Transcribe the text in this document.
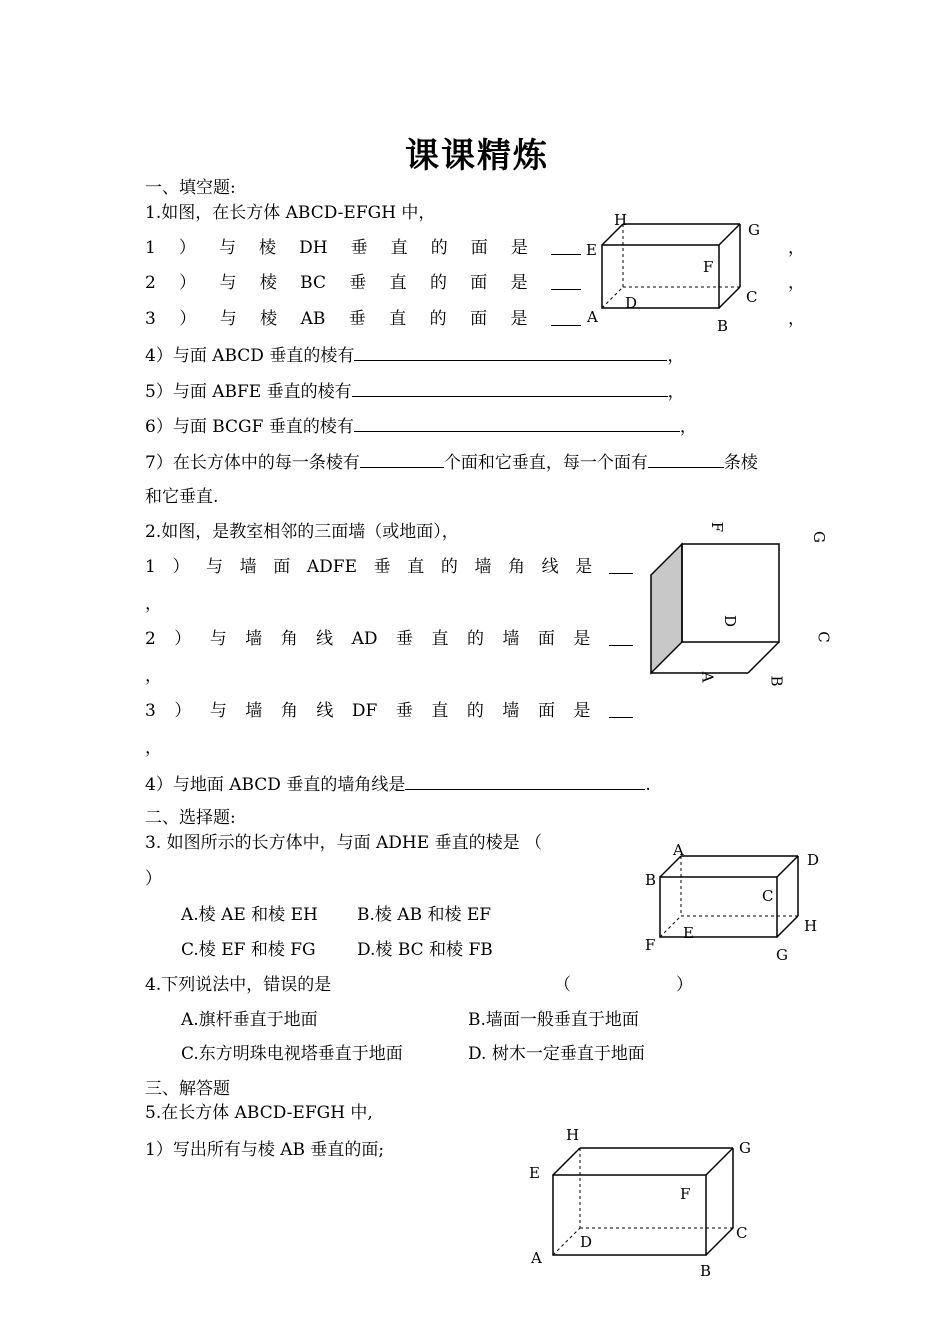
课课精炼
一、填空题:
1.如图，在长方体 ABCD-EFGH 中，
1 ） 与 棱 DH 垂 直 的 面 是	，
2 ） 与 棱 BC 垂 直 的 面 是	，
3 ） 与 棱 AB 垂 直 的 面 是	，
H
G
E
F
D	C
A	B
4）与面 ABCD 垂直的棱有	，
5）与面 ABFE 垂直的棱有	，
6）与面 BCGF 垂直的棱有	，
7）在长方体中的每一条棱有	个面和它垂直，每一个面有	条棱
和它垂直.
2.如图，是教室相邻的三面墙（或地面），
1 ） 与 墙 面 ADFE 垂 直 的 墙 角 线 是
，
2 ） 与 墙 角 线 AD 垂 直 的 墙 面 是
，
3 ） 与 墙 角 线 DF 垂 直 的 墙 面 是
，
4）与地面 ABCD 垂直的墙角线是	.
F
G
D
C
A	B
二、选择题:
3. 如图所示的长方体中，与面 ADHE 垂直的棱是 （
）
A.棱 AE 和棱 EH B.棱 AB 和棱 EF
C.棱 EF 和棱 FG D.棱 BC 和棱 FB
A
D
B
C
H
F
E
G
4.下列说法中，错误的是	（	）
A.旗杆垂直于地面	B.墙面一般垂直于地面
C.东方明珠电视塔垂直于地面	D. 树木一定垂直于地面
三、解答题
5.在长方体 ABCD-EFGH 中,
1）写出所有与棱 AB 垂直的面;
H
G
E
F
D	C
A
B
